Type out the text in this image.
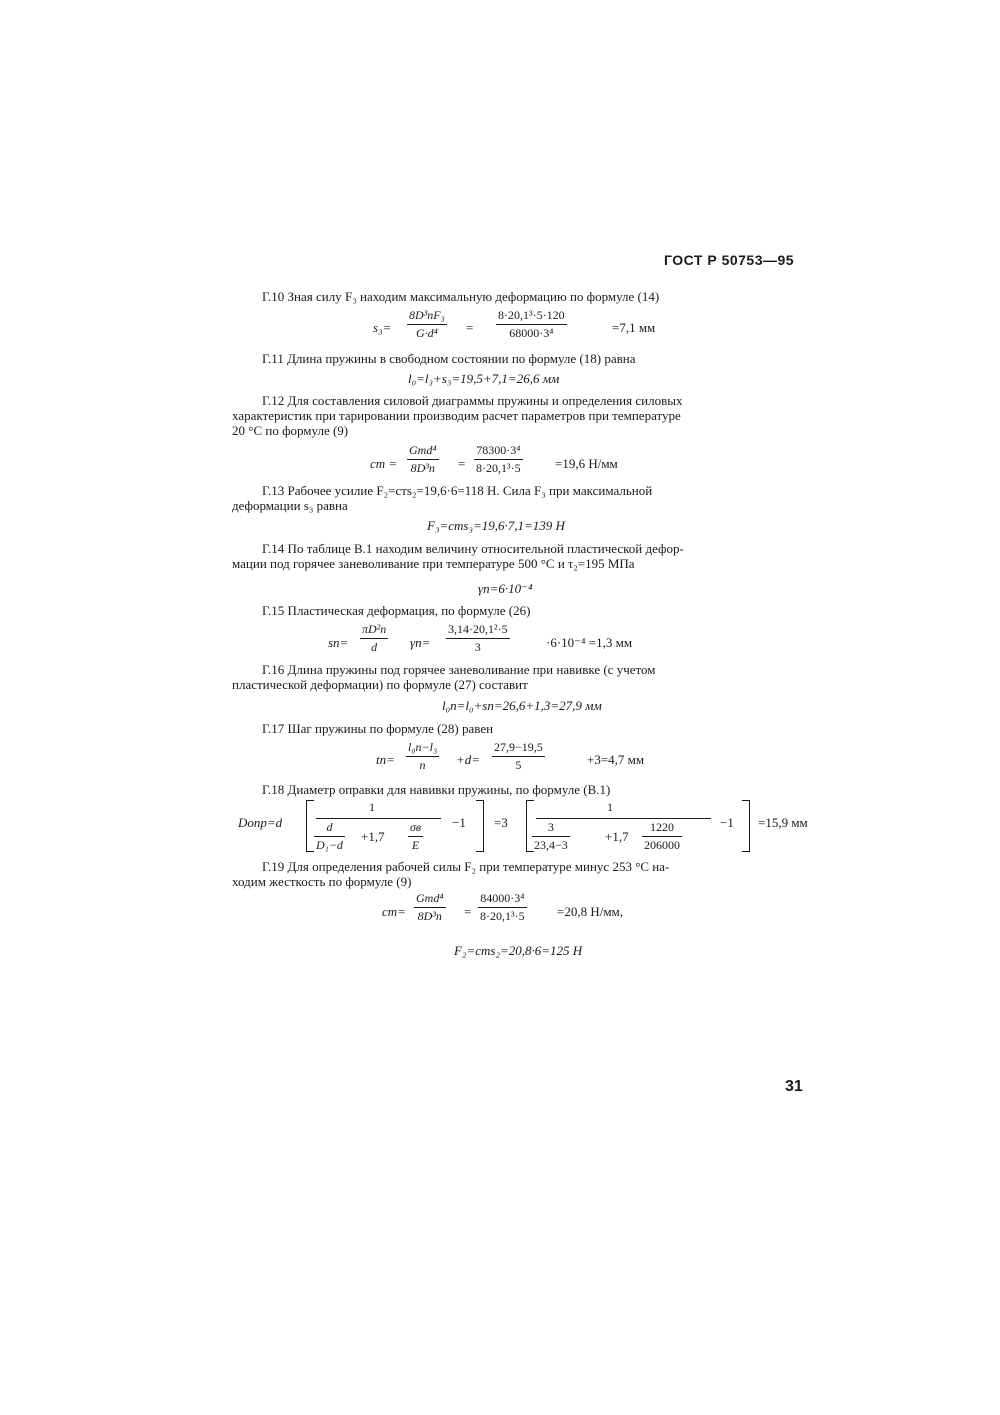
ГОСТ Р 50753—95
Г.10 Зная силу F₃ находим максимальную деформацию по формуле (14)
s₃=
8D³nF₃
G·d⁴	=
8·20,1³·5·120
68000·3⁴	=7,1 мм
Г.11 Длина пружины в свободном состоянии по формуле (18) равна
l₀=l₃+s₃=19,5+7,1=26,6 мм
Г.12 Для составления силовой диаграммы пружины и определения силовых
характеристик при тарировании производим расчет параметров при температуре
20 °С по формуле (9)
cт =
Gтd⁴
8D³n =
78300·3⁴
8·20,1³·5	=19,6 Н/мм
Г.13 Рабочее усилие F₂=cтs₂=19,6·6=118 Н. Сила F₃ при максимальной
деформации s₃ равна
F₃=cтs₃=19,6·7,1=139 Н
Г.14 По таблице В.1 находим величину относительной пластической дефор-
мации под горячее заневоливание при температуре 500 °С и τ₂=195 МПа
γп=6·10⁻⁴
Г.15 Пластическая деформация, по формуле (26)
sп=
πD²n
d	γп=
3,14·20,1²·5
3	·6·10⁻⁴ =1,3 мм
Г.16 Длина пружины под горячее заневоливание при навивке (с учетом
пластической деформации) по формуле (27) составит
l₀п=l₀+sп=26,6+1,3=27,9 мм
Г.17 Шаг пружины по формуле (28) равен
tп=
l₀п−l₃
n	+d=
27,9−19,5
5	+3=4,7 мм
Г.18 Диаметр оправки для навивки пружины, по формуле (В.1)
Dопр=d
1
d
D₁−d
+1,7
σв
E
−1 =3
1
3
23,4−3
+1,7
1220
206000
−1 =15,9 мм
Г.19 Для определения рабочей силы F₂ при температуре минус 253 °С на-
ходим жесткость по формуле (9)
cт=
Gтd⁴
8D³n =
84000·3⁴
8·20,1³·5 =20,8 Н/мм,
F₂=cтs₂=20,8·6=125 Н
31
